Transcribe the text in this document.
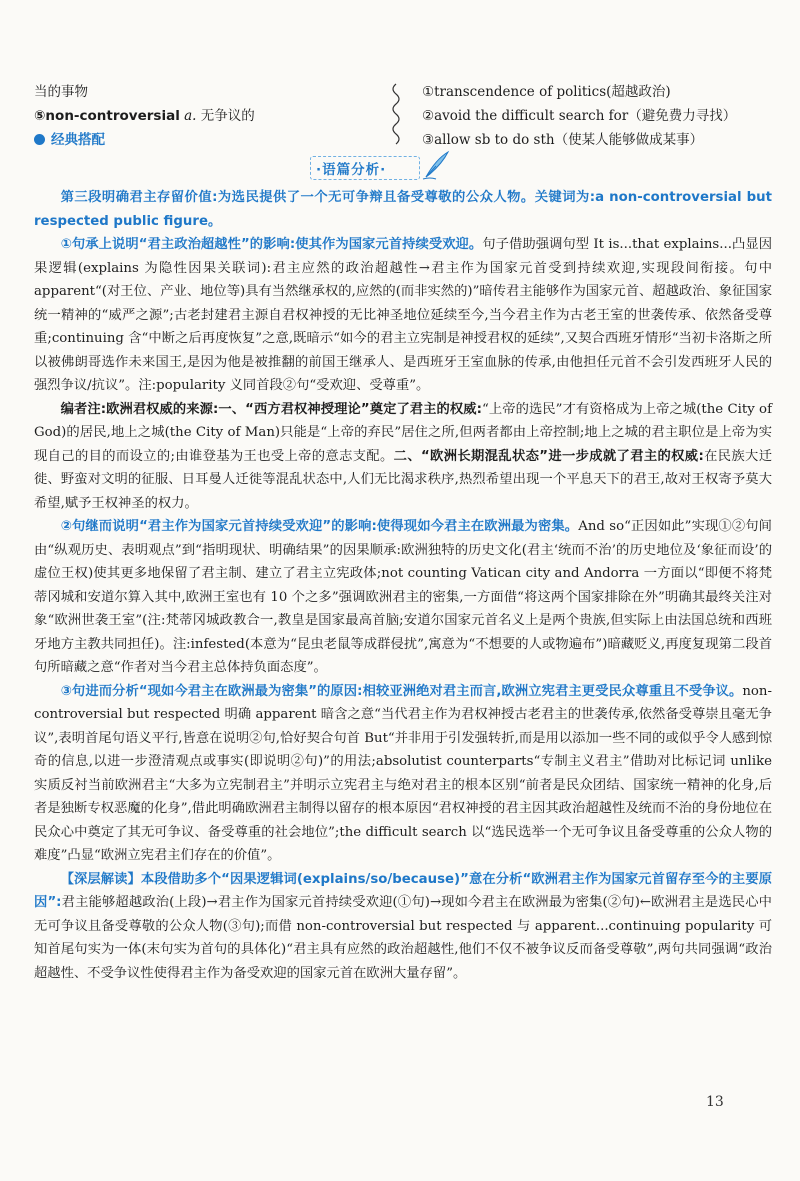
当的事物
⑤non-controversial a. 无争议的
经典搭配
①transcendence of politics(超越政治)
②avoid the difficult search for（避免费力寻找）
③allow sb to do sth（使某人能够做成某事）
·语篇分析·

第三段明确君主存留价值:为选民提供了一个无可争辩且备受尊敬的公众人物。关键词为:a non-controversial but respected public figure。

①句承上说明“君主政治超越性”的影响:使其作为国家元首持续受欢迎。句子借助强调句型 It is...that explains...凸显因果逻辑(explains 为隐性因果关联词):君主应然的政治超越性→君主作为国家元首受到持续欢迎,实现段间衔接。句中 apparent“(对王位、产业、地位等)具有当然继承权的,应然的(而非实然的)”暗传君主能够作为国家元首、超越政治、象征国家统一精神的“威严之源”;古老封建君主源自君权神授的无比神圣地位延续至今,当今君主作为古老王室的世袭传承、依然备受尊重;continuing 含“中断之后再度恢复”之意,既暗示“如今的君主立宪制是神授君权的延续”,又契合西班牙情形“当初卡洛斯之所以被佛朗哥选作未来国王,是因为他是被推翻的前国王继承人、是西班牙王室血脉的传承,由他担任元首不会引发西班牙人民的强烈争议/抗议”。注:popularity 义同首段②句“受欢迎、受尊重”。

编者注:欧洲君权威的来源:一、“西方君权神授理论”奠定了君主的权威:“上帝的选民”才有资格成为上帝之城(the City of God)的居民,地上之城(the City of Man)只能是“上帝的弃民”居住之所,但两者都由上帝控制;地上之城的君主职位是上帝为实现自己的目的而设立的;由谁登基为王也受上帝的意志支配。二、“欧洲长期混乱状态”进一步成就了君主的权威:在民族大迁徙、野蛮对文明的征服、日耳曼人迁徙等混乱状态中,人们无比渴求秩序,热烈希望出现一个平息天下的君王,故对王权寄予莫大希望,赋予王权神圣的权力。

②句继而说明“君主作为国家元首持续受欢迎”的影响:使得现如今君主在欧洲最为密集。And so“正因如此”实现①②句间由“纵观历史、表明观点”到“指明现状、明确结果”的因果顺承:欧洲独特的历史文化(君主‘统而不治’的历史地位及‘象征而设’的虚位王权)使其更多地保留了君主制、建立了君主立宪政体;not counting Vatican city and Andorra 一方面以“即便不将梵蒂冈城和安道尔算入其中,欧洲王室也有 10 个之多”强调欧洲君主的密集,一方面借“将这两个国家排除在外”明确其最终关注对象“欧洲世袭王室”(注:梵蒂冈城政教合一,教皇是国家最高首脑;安道尔国家元首名义上是两个贵族,但实际上由法国总统和西班牙地方主教共同担任)。注:infested(本意为“昆虫老鼠等成群侵扰”,寓意为“不想要的人或物遍布”)暗藏贬义,再度复现第二段首句所暗藏之意“作者对当今君主总体持负面态度”。

③句进而分析“现如今君主在欧洲最为密集”的原因:相较亚洲绝对君主而言,欧洲立宪君主更受民众尊重且不受争议。non-controversial but respected 明确 apparent 暗含之意“当代君主作为君权神授古老君主的世袭传承,依然备受尊崇且毫无争议”,表明首尾句语义平行,皆意在说明②句,恰好契合句首 But“并非用于引发强转折,而是用以添加一些不同的或似乎令人感到惊奇的信息,以进一步澄清观点或事实(即说明②句)”的用法;absolutist counterparts“专制主义君主”借助对比标记词 unlike 实质反衬当前欧洲君主“大多为立宪制君主”并明示立宪君主与绝对君主的根本区别“前者是民众团结、国家统一精神的化身,后者是独断专权恶魔的化身”,借此明确欧洲君主制得以留存的根本原因“君权神授的君主因其政治超越性及统而不治的身份地位在民众心中奠定了其无可争议、备受尊重的社会地位”;the difficult search 以“选民选举一个无可争议且备受尊重的公众人物的难度”凸显“欧洲立宪君主们存在的价值”。

【深层解读】本段借助多个“因果逻辑词(explains/so/because)”意在分析“欧洲君主作为国家元首留存至今的主要原因”:君主能够超越政治(上段)→君主作为国家元首持续受欢迎(①句)→现如今君主在欧洲最为密集(②句)←欧洲君主是选民心中无可争议且备受尊敬的公众人物(③句);而借 non-controversial but respected 与 apparent...continuing popularity 可知首尾句实为一体(末句实为首句的具体化)“君主具有应然的政治超越性,他们不仅不被争议反而备受尊敬”,两句共同强调“政治超越性、不受争议性使得君主作为备受欢迎的国家元首在欧洲大量存留”。

13
